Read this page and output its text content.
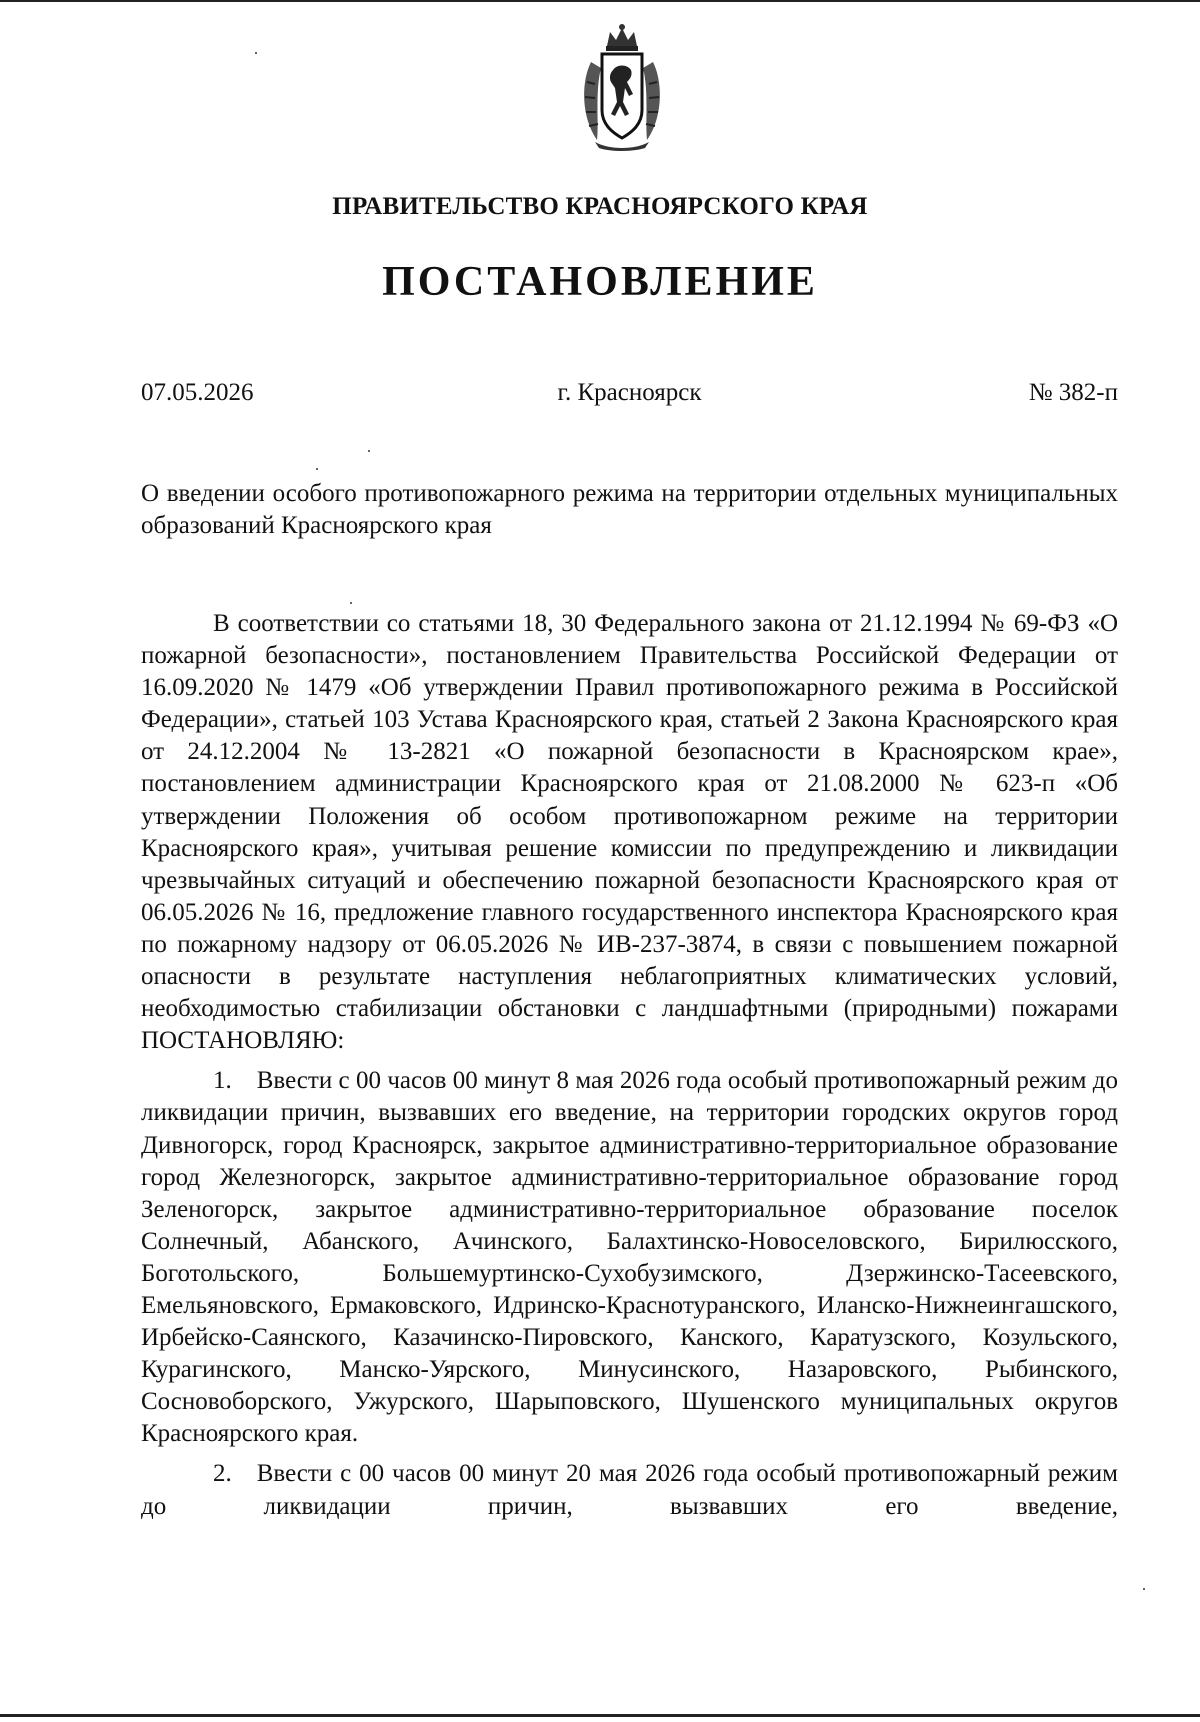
ПРАВИТЕЛЬСТВО КРАСНОЯРСКОГО КРАЯ
ПОСТАНОВЛЕНИЕ
07.05.2026	г. Красноярск	№ 382-п
О введении особого противопожарного режима на территории отдельных муниципальных образований Красноярского края

В соответствии со статьями 18, 30 Федерального закона от 21.12.1994 № 69-ФЗ «О пожарной безопасности», постановлением Правительства Российской Федерации от 16.09.2020 № 1479 «Об утверждении Правил противопожарного режима в Российской Федерации», статьей 103 Устава Красноярского края, статьей 2 Закона Красноярского края от 24.12.2004 № 13-2821 «О пожарной безопасности в Красноярском крае», постановлением администрации Красноярского края от 21.08.2000 № 623-п «Об утверждении Положения об особом противопожарном режиме на территории Красноярского края», учитывая решение комиссии по предупреждению и ликвидации чрезвычайных ситуаций и обеспечению пожарной безопасности Красноярского края от 06.05.2026 № 16, предложение главного государственного инспектора Красноярского края по пожарному надзору от 06.05.2026 № ИВ-237-3874, в связи с повышением пожарной опасности в результате наступления неблагоприятных климатических условий, необходимостью стабилизации обстановки с ландшафтными (природными) пожарами ПОСТАНОВЛЯЮ:

1. Ввести с 00 часов 00 минут 8 мая 2026 года особый противопожарный режим до ликвидации причин, вызвавших его введение, на территории городских округов город Дивногорск, город Красноярск, закрытое административно-территориальное образование город Железногорск, закрытое административно-территориальное образование город Зеленогорск, закрытое административно-территориальное образование поселок Солнечный, Абанского, Ачинского, Балахтинско-Новоселовского, Бирилюсского, Боготольского, Большемуртинско-Сухобузимского, Дзержинско-Тасеевского, Емельяновского, Ермаковского, Идринско-Краснотуранского, Иланско-Нижнеингашского, Ирбейско-Саянского, Казачинско-Пировского, Канского, Каратузского, Козульского, Курагинского, Манско-Уярского, Минусинского, Назаровского, Рыбинского, Сосновоборского, Ужурского, Шарыповского, Шушенского муниципальных округов Красноярского края.

2. Ввести с 00 часов 00 минут 20 мая 2026 года особый противопожарный режим до ликвидации причин, вызвавших его введение,
